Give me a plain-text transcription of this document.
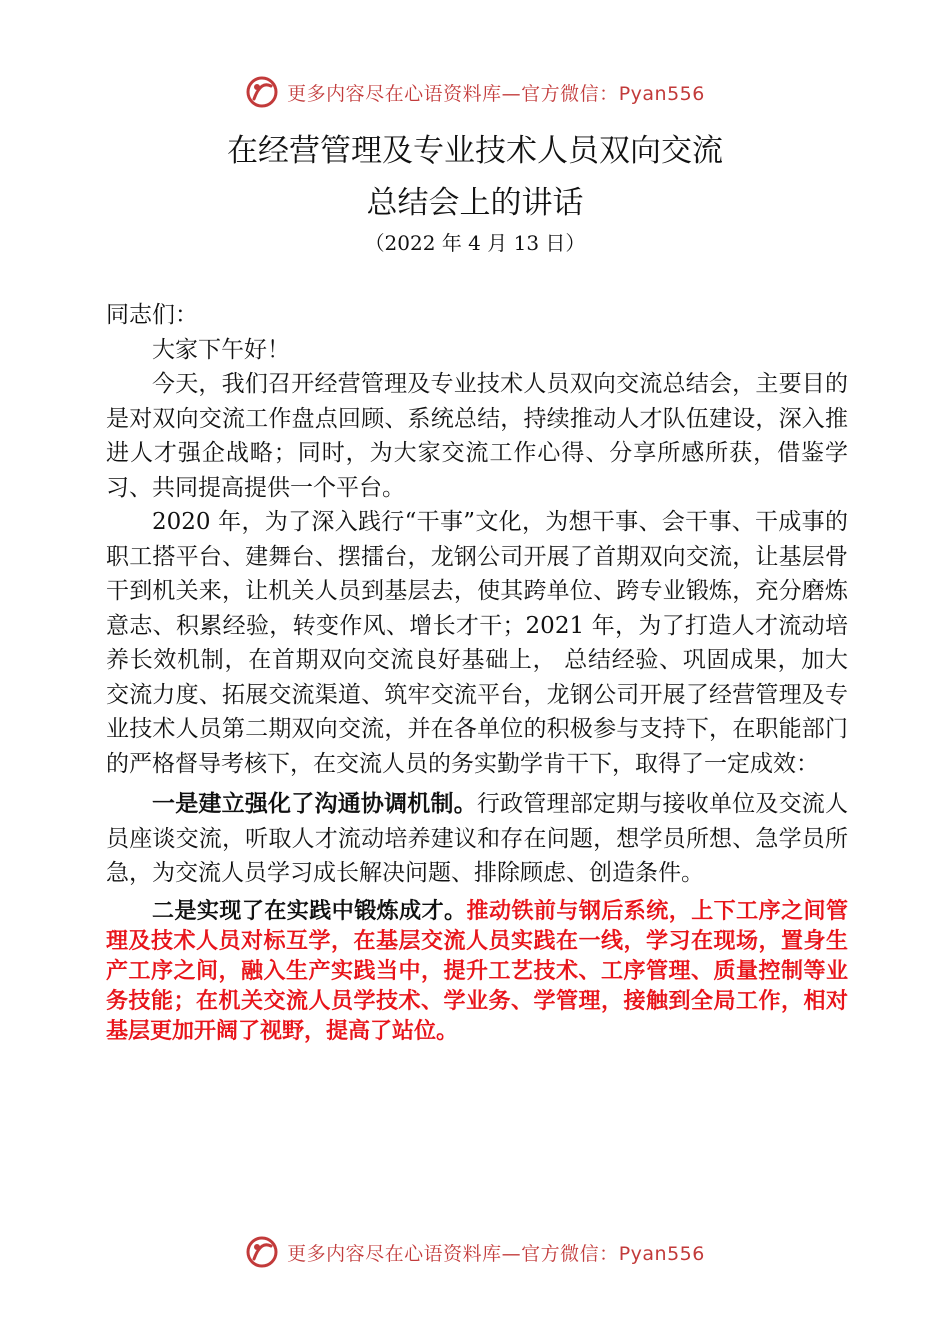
更多内容尽在心语资料库—官方微信：Pyan556
在经营管理及专业技术人员双向交流
总结会上的讲话
（2022 年 4 月 13 日）

同志们：

大家下午好！

今天，我们召开经营管理及专业技术人员双向交流总结会，主要目的是对双向交流工作盘点回顾、系统总结，持续推动人才队伍建设，深入推进人才强企战略；同时，为大家交流工作心得、分享所感所获，借鉴学习、共同提高提供一个平台。

2020 年，为了深入践行“干事”文化，为想干事、会干事、干成事的职工搭平台、建舞台、摆擂台，龙钢公司开展了首期双向交流，让基层骨干到机关来，让机关人员到基层去，使其跨单位、跨专业锻炼，充分磨炼意志、积累经验，转变作风、增长才干；2021 年，为了打造人才流动培养长效机制，在首期双向交流良好基础上， 总结经验、巩固成果，加大交流力度、拓展交流渠道、筑牢交流平台，龙钢公司开展了经营管理及专业技术人员第二期双向交流，并在各单位的积极参与支持下，在职能部门的严格督导考核下，在交流人员的务实勤学肯干下，取得了一定成效：

一是建立强化了沟通协调机制。行政管理部定期与接收单位及交流人员座谈交流，听取人才流动培养建议和存在问题，想学员所想、急学员所急，为交流人员学习成长解决问题、排除顾虑、创造条件。

二是实现了在实践中锻炼成才。推动铁前与钢后系统，上下工序之间管理及技术人员对标互学，在基层交流人员实践在一线，学习在现场，置身生产工序之间，融入生产实践当中，提升工艺技术、工序管理、质量控制等业务技能；在机关交流人员学技术、学业务、学管理，接触到全局工作，相对基层更加开阔了视野，提高了站位。

更多内容尽在心语资料库—官方微信：Pyan556
